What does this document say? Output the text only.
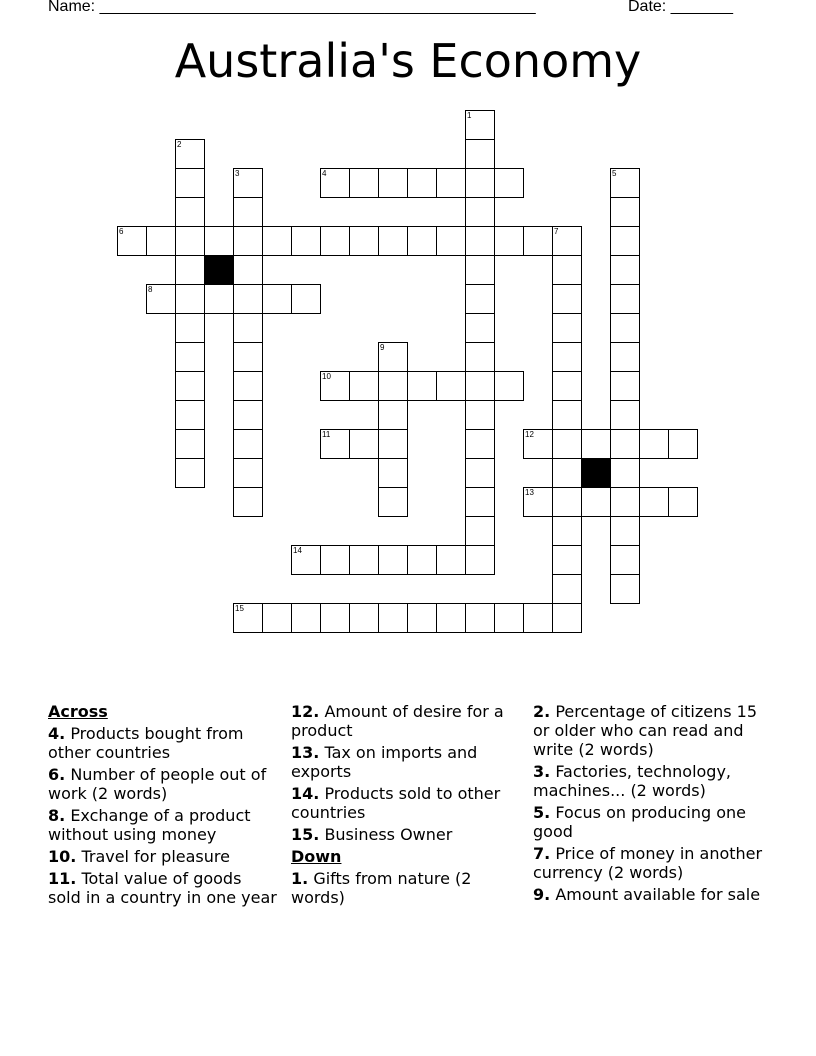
Name: _________________________________________________	Date: _______
Australia's Economy
1
2
3	4	5
6	7
8
9
10
11	12
13
14
15
Across
4. Products bought from other countries
6. Number of people out of work (2 words)
8. Exchange of a product without using money
10. Travel for pleasure
11. Total value of goods sold in a country in one year
12. Amount of desire for a product
13. Tax on imports and exports
14. Products sold to other countries
15. Business Owner
Down
1. Gifts from nature (2 words)
2. Percentage of citizens 15 or older who can read and write (2 words)
3. Factories, technology, machines... (2 words)
5. Focus on producing one good
7. Price of money in another currency (2 words)
9. Amount available for sale
